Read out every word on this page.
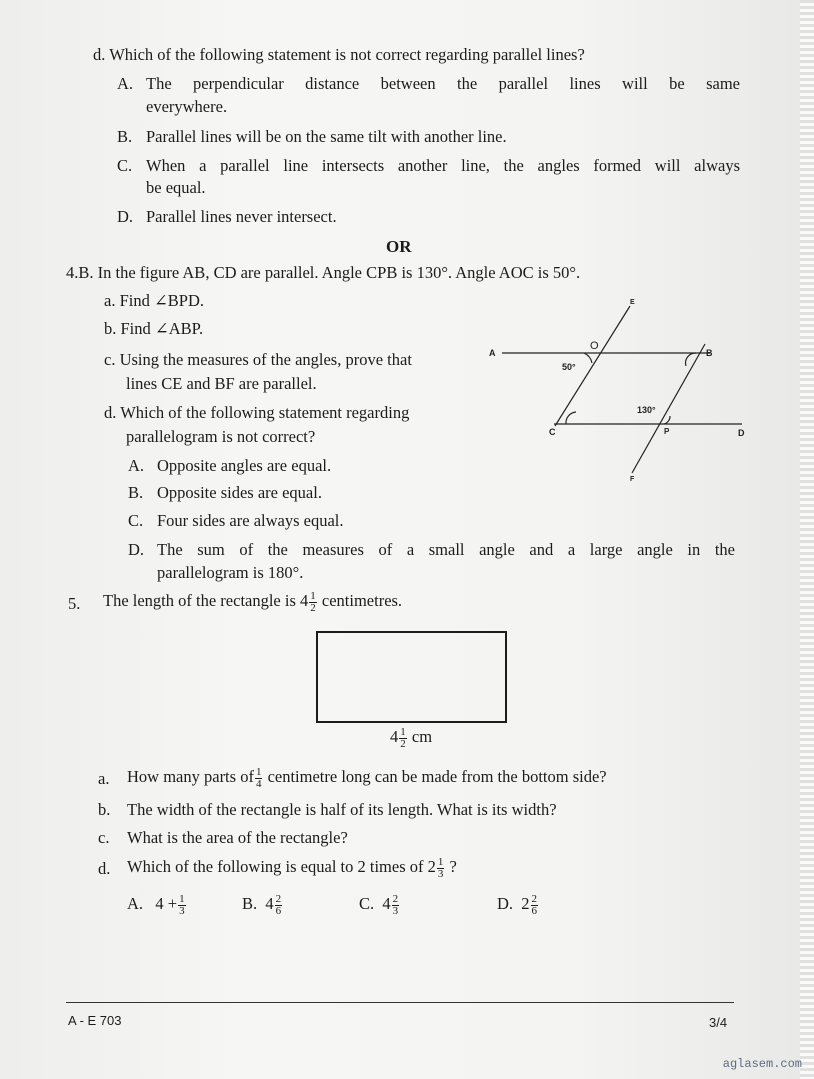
d. Which of the following statement is not correct regarding parallel lines?
A. The perpendicular distance between the parallel lines will be same
everywhere.
B. Parallel lines will be on the same tilt with another line.
C. When a parallel line intersects another line, the angles formed will always
be equal.
D. Parallel lines never intersect.
OR
4.B. In the figure AB, CD are parallel. Angle CPB is 130°. Angle AOC is 50°.
a. Find ∠BPD.
b. Find ∠ABP.
c. Using the measures of the angles, prove that
lines CE and BF are parallel.
d. Which of the following statement regarding
parallelogram is not correct?
A. Opposite angles are equal.
B. Opposite sides are equal.
C. Four sides are always equal.
D. The sum of the measures of a small angle and a large angle in the
parallelogram is 180°.
A	B
C	D
E
F
O
P
50°
130°
5. The length of the rectangle is $4 \frac{1}{2}$ centimetres.
$4 \frac{1}{2}$ cm
a. How many parts of $\frac{1}{4}$ centimetre long can be made from the bottom side?
b. The width of the rectangle is half of its length. What is its width?
c. What is the area of the rectangle?
d. Which of the following is equal to 2 times of $2 \frac{1}{3}$ ?
A. $4 + \frac{1}{3}$	B. $4 \frac{2}{6}$	C. $4 \frac{2}{3}$	D. $2 \frac{2}{6}$
A - E 703	3/4
aglasem.com
